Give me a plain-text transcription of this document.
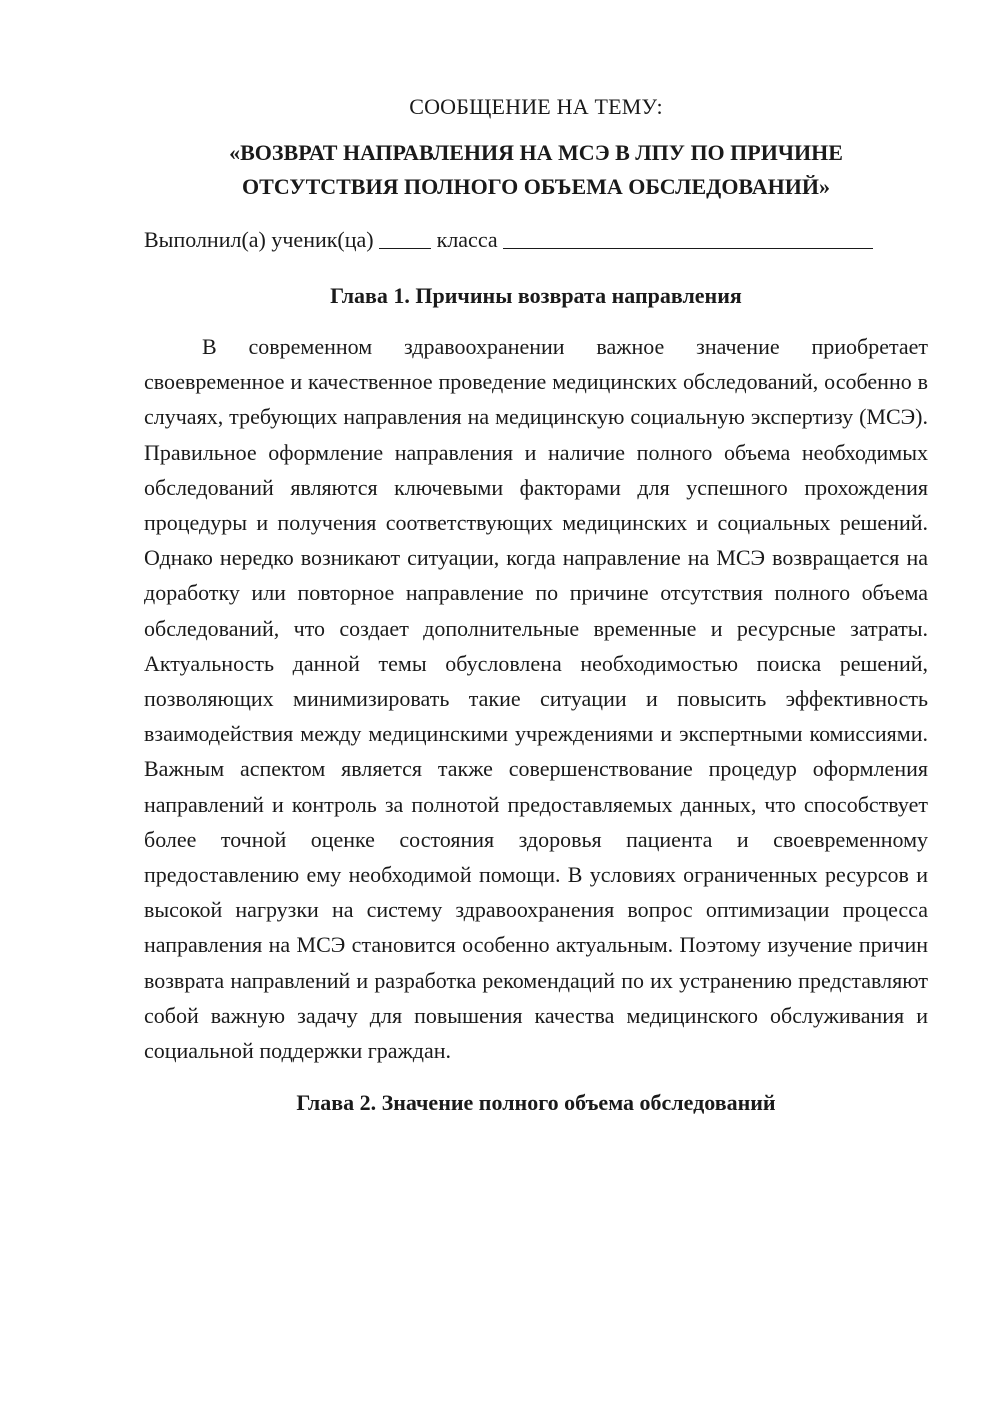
СООБЩЕНИЕ НА ТЕМУ:
«ВОЗВРАТ НАПРАВЛЕНИЯ НА МСЭ В ЛПУ ПО ПРИЧИНЕ
ОТСУТСТВИЯ ПОЛНОГО ОБЪЕМА ОБСЛЕДОВАНИЙ»
Выполнил(а) ученик(ца)	класса
Глава 1. Причины возврата направления

В современном здравоохранении важное значение приобретает своевременное и качественное проведение медицинских обследований, особенно в случаях, требующих направления на медицинскую социальную экспертизу (МСЭ). Правильное оформление направления и наличие полного объема необходимых обследований являются ключевыми факторами для успешного прохождения процедуры и получения соответствующих медицинских и социальных решений. Однако нередко возникают ситуации, когда направление на МСЭ возвращается на доработку или повторное направление по причине отсутствия полного объема обследований, что создает дополнительные временные и ресурсные затраты. Актуальность данной темы обусловлена необходимостью поиска решений, позволяющих минимизировать такие ситуации и повысить эффективность взаимодействия между медицинскими учреждениями и экспертными комиссиями. Важным аспектом является также совершенствование процедур оформления направлений и контроль за полнотой предоставляемых данных, что способствует более точной оценке состояния здоровья пациента и своевременному предоставлению ему необходимой помощи. В условиях ограниченных ресурсов и высокой нагрузки на систему здравоохранения вопрос оптимизации процесса направления на МСЭ становится особенно актуальным. Поэтому изучение причин возврата направлений и разработка рекомендаций по их устранению представляют собой важную задачу для повышения качества медицинского обслуживания и социальной поддержки граждан.

Глава 2. Значение полного объема обследований
